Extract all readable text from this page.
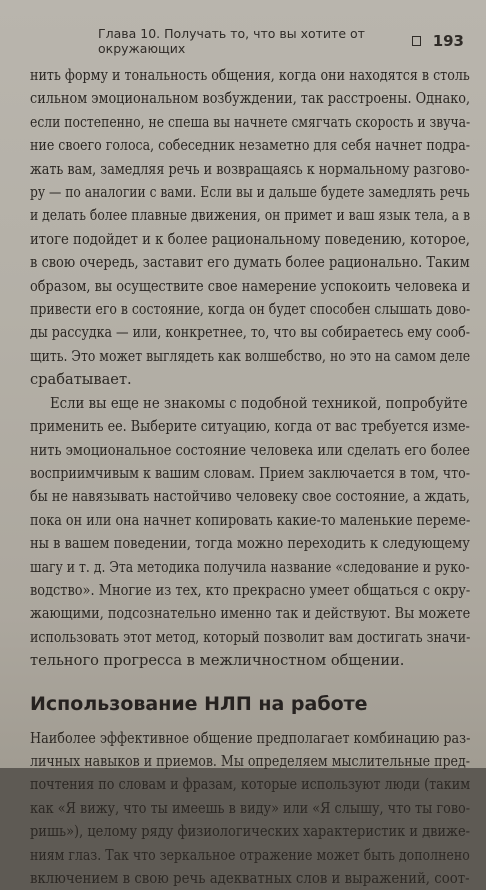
Глава 10. Получать то, что вы хотите от окружающих	193

нить форму и тональность общения, когда они находятся в столь
сильном эмоциональном возбуждении, так расстроены. Однако,
если постепенно, не спеша вы начнете смягчать скорость и звуча-
ние своего голоса, собеседник незаметно для себя начнет подра-
жать вам, замедляя речь и возвращаясь к нормальному разгово-
ру — по аналогии с вами. Если вы и дальше будете замедлять речь
и делать более плавные движения, он примет и ваш язык тела, а в
итоге подойдет и к более рациональному поведению, которое,
в свою очередь, заставит его думать более рационально. Таким
образом, вы осуществите свое намерение успокоить человека и
привести его в состояние, когда он будет способен слышать дово-
ды рассудка — или, конкретнее, то, что вы собираетесь ему сооб-
щить. Это может выглядеть как волшебство, но это на самом деле
срабатывает.

Если вы еще не знакомы с подобной техникой, попробуйте
применить ее. Выберите ситуацию, когда от вас требуется изме-
нить эмоциональное состояние человека или сделать его более
восприимчивым к вашим словам. Прием заключается в том, что-
бы не навязывать настойчиво человеку свое состояние, а ждать,
пока он или она начнет копировать какие-то маленькие переме-
ны в вашем поведении, тогда можно переходить к следующему
шагу и т. д. Эта методика получила название «следование и руко-
водство». Многие из тех, кто прекрасно умеет общаться с окру-
жающими, подсознательно именно так и действуют. Вы можете
использовать этот метод, который позволит вам достигать значи-
тельного прогресса в межличностном общении.

Использование НЛП на работе

Наиболее эффективное общение предполагает комбинацию раз-
личных навыков и приемов. Мы определяем мыслительные пред-
почтения по словам и фразам, которые используют люди (таким
как «Я вижу, что ты имеешь в виду» или «Я слышу, что ты гово-
ришь»), целому ряду физиологических характеристик и движе-
ниям глаз. Так что зеркальное отражение может быть дополнено
включением в свою речь адекватных слов и выражений, соот-
